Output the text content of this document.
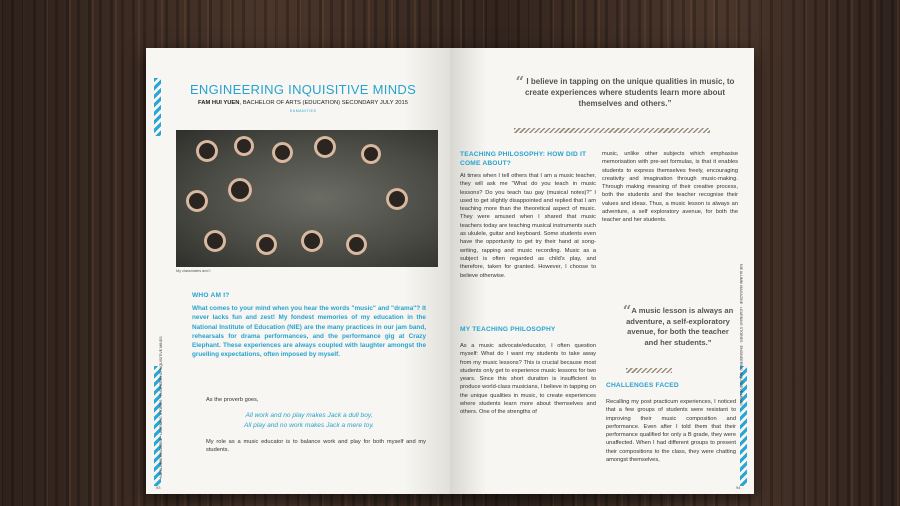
NIE ALUMNI MAGAZINE · LEARNING STORIES · ENGINEERING INQUISITIVE MINDS
ENGINEERING INQUISITIVE MINDS
FAM HUI YUEN, BACHELOR OF ARTS (EDUCATION) SECONDARY JULY 2015
HUMANITIES
My classmates and I
WHO AM I?
What comes to your mind when you hear the words "music" and "drama"? It never lacks fun and zest! My fondest memories of my education in the National Institute of Education (NIE) are the many practices in our jam band, rehearsals for drama performances, and the performance gig at Crazy Elephant. These experiences are always coupled with laughter amongst the gruelling expectations, often imposed by myself.
As the proverb goes,
All work and no play makes Jack a dull boy,
All play and no work makes Jack a mere toy.
My role as a music educator is to balance work and play for both myself and my students.
93
NIE ALUMNI MAGAZINE · LEARNING STORIES · ENGINEERING INQUISITIVE MINDS
“ I believe in tapping on the unique qualities in music, to create experiences where students learn more about themselves and others.”
TEACHING PHILOSOPHY: HOW DID IT COME ABOUT?
At times when I tell others that I am a music teacher, they will ask me "What do you teach in music lessons? Do you teach tau gay (musical notes)?" I used to get slightly disappointed and replied that I am teaching more than the theoretical aspect of music. They were amused when I shared that music teachers today are teaching musical instruments such as ukulele, guitar and keyboard. Some students even have the opportunity to get try their hand at song-writing, rapping and music recording. Music as a subject is often regarded as child's play, and therefore, taken for granted. However, I choose to believe otherwise.
MY TEACHING PHILOSOPHY
As a music advocate/educator, I often question myself: What do I want my students to take away from my music lessons? This is crucial because most students only get to experience music lessons for two years. Since this short duration is insufficient to produce world-class musicians, I believe in tapping on the unique qualities in music, to create experiences where students learn more about themselves and others. One of the strengths of
music, unlike other subjects which emphasise memorisation with pre-set formulas, is that it enables students to express themselves freely, encouraging creativity and imagination through music-making. Through making meaning of their creative process, both the students and the teacher recognise their values and ideas. Thus, a music lesson is always an adventure, a self exploratory avenue, for both the teacher and her students.
“A music lesson is always an adventure, a self-exploratory avenue, for both the teacher and her students.”
CHALLENGES FACED
Recalling my post practicum experiences, I noticed that a few groups of students were resistant to improving their music composition and performance. Even after I told them that their performance qualified for only a B grade, they were unaffected. When I had different groups to present their compositions to the class, they were chatting amongst themselves,
94
